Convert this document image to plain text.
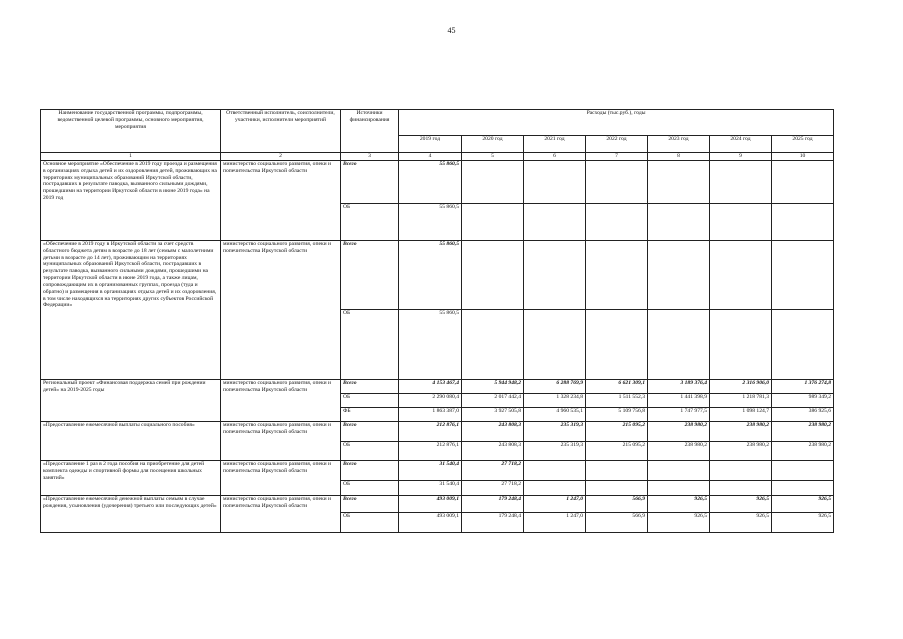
45
Наименование государственной программы, подпрограммы, ведомственной целевой программы, основного мероприятия, мероприятия	Ответственный исполнитель, соисполнители, участники, исполнители мероприятий	Источники финансирования	Расходы (тыс.руб.), годы						
			2019 год	2020 год	2021 год	2022 год	2023 год	2024 год	2025 год
1	2	3	4	5	6	7	8	9	10
Основное мероприятие «Обеспечение в 2019 году проезда и размещения в организациях отдыха детей и их оздоровления детей, проживающих на территориях муниципальных образований Иркутской области, пострадавших в результате паводка, вызванного сильными дождями, прошедшими на территории Иркутской области в июне 2019 года» на 2019 год	министерство социального развития, опеки и попечительства Иркутской области	Всего	55 860,5						
		ОБ	55 860,5						
«Обеспечение в 2019 году в Иркутской области за счет средств областного бюджета детям в возрасте до 18 лет (семьям с малолетними детьми в возрасте до 14 лет), проживающим на территориях муниципальных образований Иркутской области, пострадавших в результате паводка, вызванного сильными дождями, прошедшими на территории Иркутской области в июне 2019 года, а также лицам, сопровождающим их в организованных группах, проезда (туда и обратно) и размещения в организациях отдыха детей и их оздоровления, в том числе находящихся на территориях других субъектов Российской Федерации»	министерство социального развития, опеки и попечительства Иркутской области	Всего	55 860,5						
		ОБ	55 860,5						
Региональный проект «Финансовая поддержка семей при рождении детей» на 2019-2025 годы	министерство социального развития, опеки и попечительства Иркутской области	Всего	4 153 467,4	5 944 948,2	6 288 769,9	6 621 309,1	3 189 376,4	2 316 906,0	1 376 274,8
		ОБ	2 290 080,4	2 017 442,4	1 328 234,8	1 511 552,3	1 441 398,9	1 218 781,3	989 349,2
		ФБ	1 863 387,0	3 927 505,8	4 960 535,1	5 109 756,8	1 747 977,5	1 098 124,7	386 925,6
«Предоставление ежемесячной выплаты социального пособия»	министерство социального развития, опеки и попечительства Иркутской области	Всего	212 876,1	243 808,3	235 319,3	215 095,2	238 980,2	238 980,2	238 980,2
		ОБ	212 876,1	243 808,3	235 319,3	215 095,2	238 980,2	238 980,2	238 980,2
«Предоставление 1 раз в 2 года пособия на приобретение для детей комплекта одежды и спортивной формы для посещения школьных занятий»	министерство социального развития, опеки и попечительства Иркутской области	Всего	31 540,4	27 718,2					
		ОБ	31 540,4	27 718,2					
«Предоставление ежемесячной денежной выплаты семьям в случае рождения, усыновления (удочерения) третьего или последующих детей»	министерство социального развития, опеки и попечительства Иркутской области	Всего	493 009,1	179 248,4	1 247,0	566,9	926,5	926,5	926,5
		ОБ	493 009,1	179 248,4	1 247,0	566,9	926,5	926,5	926,5
